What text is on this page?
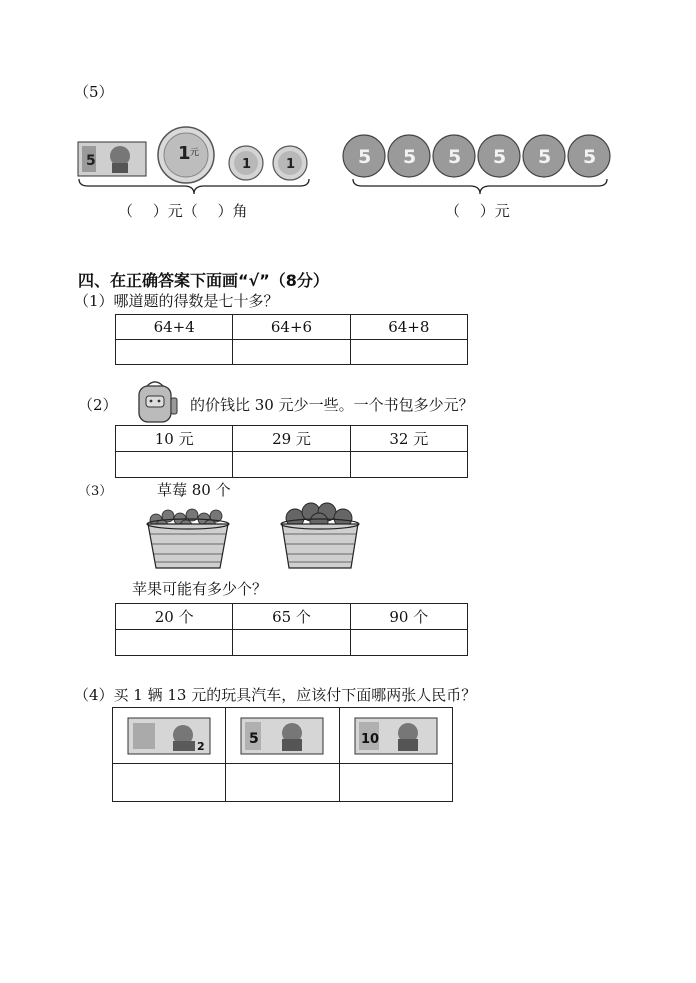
（5）
5	1 元
1	1
（　 ）元（　 ）角
5 5 5 5 5 5
（　 ）元
四、在正确答案下面画“√”（8分）
（1）哪道题的得数是七十多？
64+4	64+6	64+8

（2）	的价钱比 30 元少一些。一个书包多少元？
10 元	29 元	32 元

（3）	草莓 80 个
苹果可能有多少个？
20 个	65 个	90 个

（4）买 1 辆 13 元的玩具汽车，应该付下面哪两张人民币？
2	5	10
